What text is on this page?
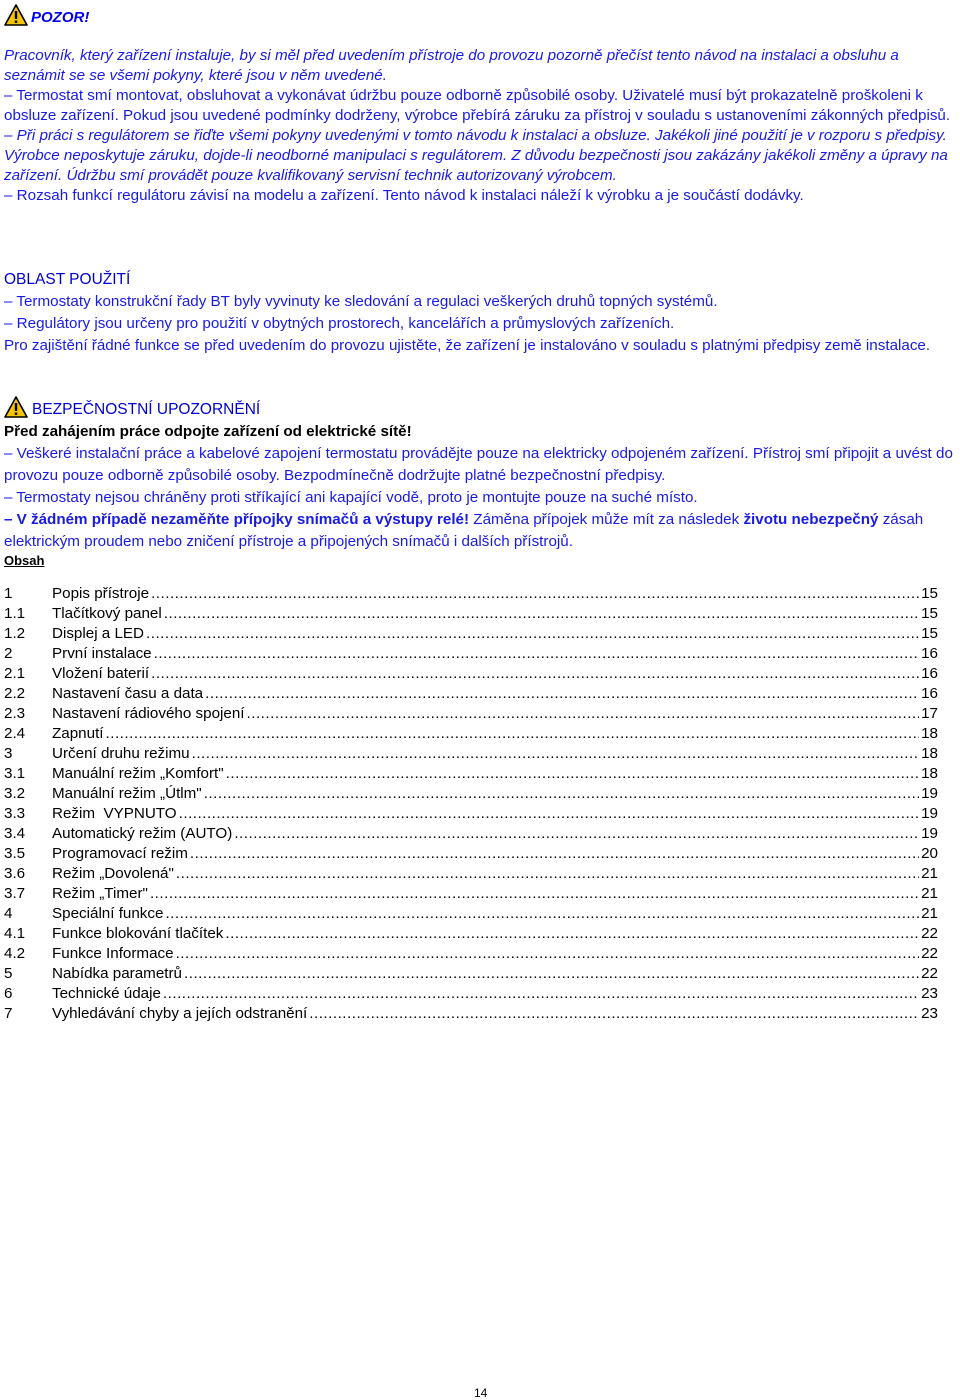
POZOR!

Pracovník, který zařízení instaluje, by si měl před uvedením přístroje do provozu pozorně přečíst tento návod na instalaci a obsluhu a seznámit se se všemi pokyny, které jsou v něm uvedené.

– Termostat smí montovat, obsluhovat a vykonávat údržbu pouze odborně způsobilé osoby. Uživatelé musí být prokazatelně proškoleni k obsluze zařízení. Pokud jsou uvedené podmínky dodrženy, výrobce přebírá záruku za přístroj v souladu s ustanoveními zákonných předpisů.

– Při práci s regulátorem se řiďte všemi pokyny uvedenými v tomto návodu k instalaci a obsluze. Jakékoli jiné použití je v rozporu s předpisy. Výrobce neposkytuje záruku, dojde-li neodborné manipulaci s regulátorem. Z důvodu bezpečnosti jsou zakázány jakékoli změny a úpravy na zařízení. Údržbu smí provádět pouze kvalifikovaný servisní technik autorizovaný výrobcem.

– Rozsah funkcí regulátoru závisí na modelu a zařízení. Tento návod k instalaci náleží k výrobku a je součástí dodávky.

OBLAST POUŽITÍ

– Termostaty konstrukční řady BT byly vyvinuty ke sledování a regulaci veškerých druhů topných systémů.

– Regulátory jsou určeny pro použití v obytných prostorech, kancelářích a průmyslových zařízeních.

Pro zajištění řádné funkce se před uvedením do provozu ujistěte, že zařízení je instalováno v souladu s platnými předpisy země instalace.

BEZPEČNOSTNÍ UPOZORNĚNÍ

Před zahájením práce odpojte zařízení od elektrické sítě!

– Veškeré instalační práce a kabelové zapojení termostatu provádějte pouze na elektricky odpojeném zařízení. Přístroj smí připojit a uvést do provozu pouze odborně způsobilé osoby. Bezpodmínečně dodržujte platné bezpečnostní předpisy.

– Termostaty nejsou chráněny proti stříkající ani kapající vodě, proto je montujte pouze na suché místo.

– V žádném případě nezaměňte přípojky snímačů a výstupy relé! Záměna přípojek může mít za následek životu nebezpečný zásah elektrickým proudem nebo zničení přístroje a připojených snímačů i dalších přístrojů.

Obsah
1	Popis přístroje .....	15
1.1	Tlačítkový panel .....	15
1.2	Displej a LED .....	15
2	První instalace .....	16
2.1	Vložení baterií .....	16
2.2	Nastavení času a data .....	16
2.3	Nastavení rádiového spojení .....	17
2.4	Zapnutí .....	18
3	Určení druhu režimu .....	18
3.1	Manuální režim „Komfort" .....	18
3.2	Manuální režim „Útlm" .....	19
3.3	Režim  VYPNUTO .....	19
3.4	Automatický režim (AUTO) .....	19
3.5	Programovací režim .....	20
3.6	Režim „Dovolená" .....	21
3.7	Režim „Timer" .....	21
4	Speciální funkce .....	21
4.1	Funkce blokování tlačítek .....	22
4.2	Funkce Informace .....	22
5	Nabídka parametrů .....	22
6	Technické údaje .....	23
7	Vyhledávání chyby a jejích odstranění .....	23
14
